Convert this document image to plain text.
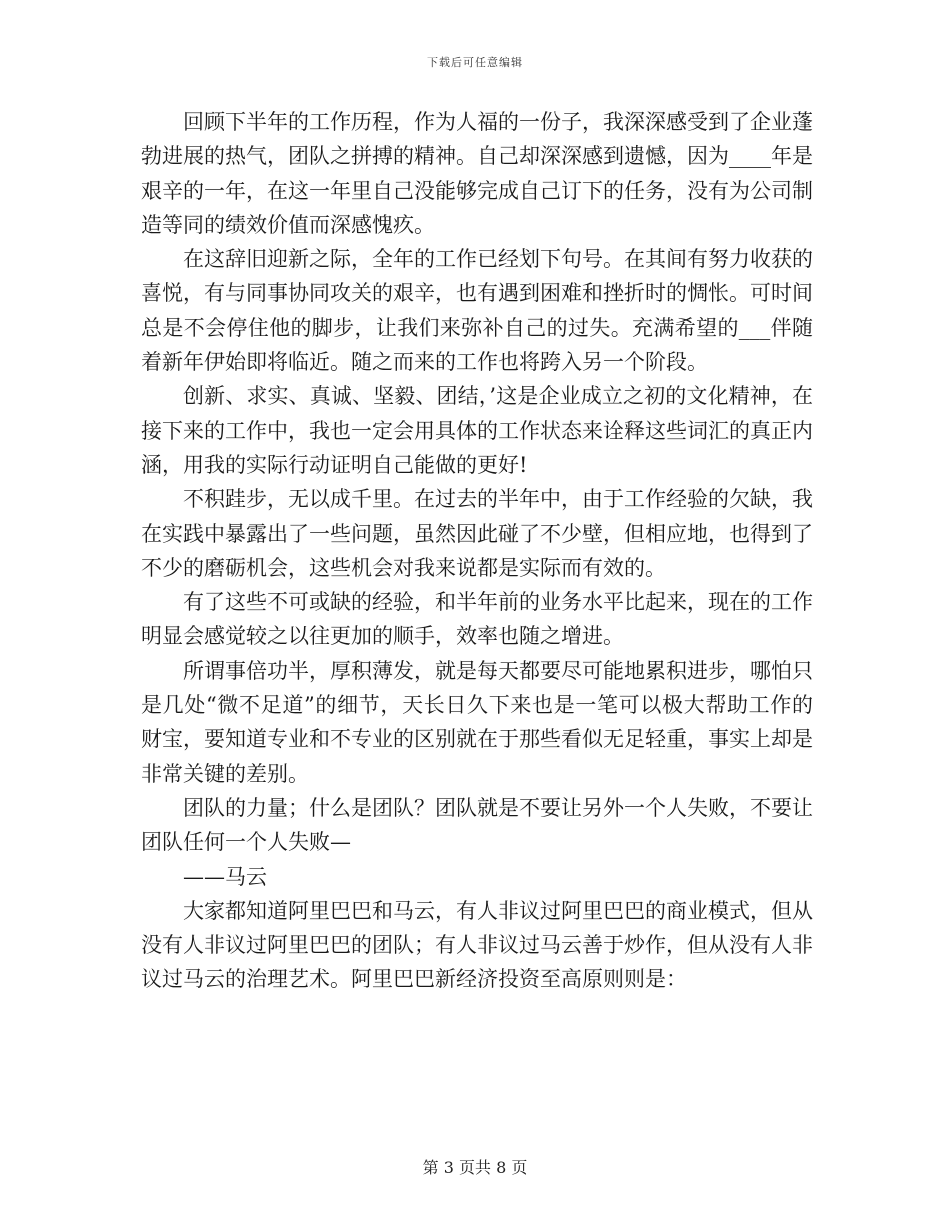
下载后可任意编辑

回顾下半年的工作历程，作为人福的一份子，我深深感受到了企业蓬勃进展的热气，团队之拼搏的精神。自己却深深感到遗憾，因为____年是艰辛的一年，在这一年里自己没能够完成自己订下的任务，没有为公司制造等同的绩效价值而深感愧疚。

在这辞旧迎新之际，全年的工作已经划下句号。在其间有努力收获的喜悦，有与同事协同攻关的艰辛，也有遇到困难和挫折时的惆怅。可时间总是不会停住他的脚步，让我们来弥补自己的过失。充满希望的___伴随着新年伊始即将临近。随之而来的工作也将跨入另一个阶段。

创新、求实、真诚、坚毅、团结，’这是企业成立之初的文化精神，在接下来的工作中，我也一定会用具体的工作状态来诠释这些词汇的真正内涵，用我的实际行动证明自己能做的更好!

不积跬步，无以成千里。在过去的半年中，由于工作经验的欠缺，我在实践中暴露出了一些问题，虽然因此碰了不少壁，但相应地，也得到了不少的磨砺机会，这些机会对我来说都是实际而有效的。

有了这些不可或缺的经验，和半年前的业务水平比起来，现在的工作明显会感觉较之以往更加的顺手，效率也随之增进。

所谓事倍功半，厚积薄发，就是每天都要尽可能地累积进步，哪怕只是几处“微不足道”的细节，天长日久下来也是一笔可以极大帮助工作的财宝，要知道专业和不专业的区别就在于那些看似无足轻重，事实上却是非常关键的差别。

团队的力量；什么是团队？团队就是不要让另外一个人失败，不要让团队任何一个人失败—

——马云

大家都知道阿里巴巴和马云，有人非议过阿里巴巴的商业模式，但从没有人非议过阿里巴巴的团队；有人非议过马云善于炒作，但从没有人非议过马云的治理艺术。阿里巴巴新经济投资至高原则则是：

第 3 页共 8 页
